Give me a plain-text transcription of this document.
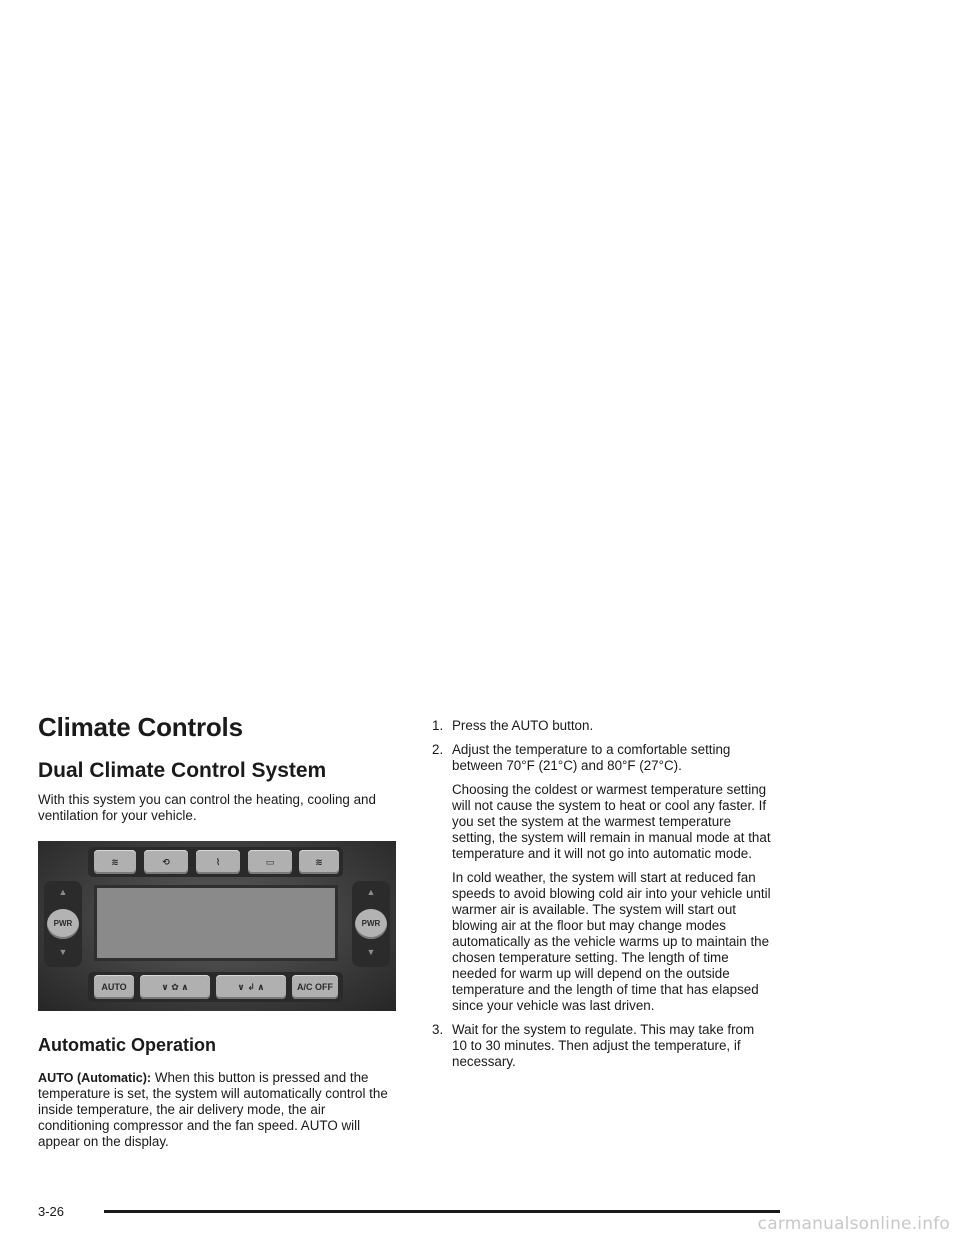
Climate Controls
Dual Climate Control System

With this system you can control the heating, cooling and ventilation for your vehicle.

≋	⟲	⌇	▭	≋
▲
PWR
▼
▲
PWR
▼
AUTO	∨ ✿ ∧	∨ ↲ ∧	A/C OFF
Automatic Operation

AUTO (Automatic): When this button is pressed and the temperature is set, the system will automatically control the inside temperature, the air delivery mode, the air conditioning compressor and the fan speed. AUTO will appear on the display.

1. Press the AUTO button.
2. Adjust the temperature to a comfortable setting between 70°F (21°C) and 80°F (27°C).

Choosing the coldest or warmest temperature setting will not cause the system to heat or cool any faster. If you set the system at the warmest temperature setting, the system will remain in manual mode at that temperature and it will not go into automatic mode.

In cold weather, the system will start at reduced fan speeds to avoid blowing cold air into your vehicle until warmer air is available. The system will start out blowing air at the floor but may change modes automatically as the vehicle warms up to maintain the chosen temperature setting. The length of time needed for warm up will depend on the outside temperature and the length of time that has elapsed since your vehicle was last driven.

3. Wait for the system to regulate. This may take from 10 to 30 minutes. Then adjust the temperature, if necessary.
3-26
carmanualsonline.info
